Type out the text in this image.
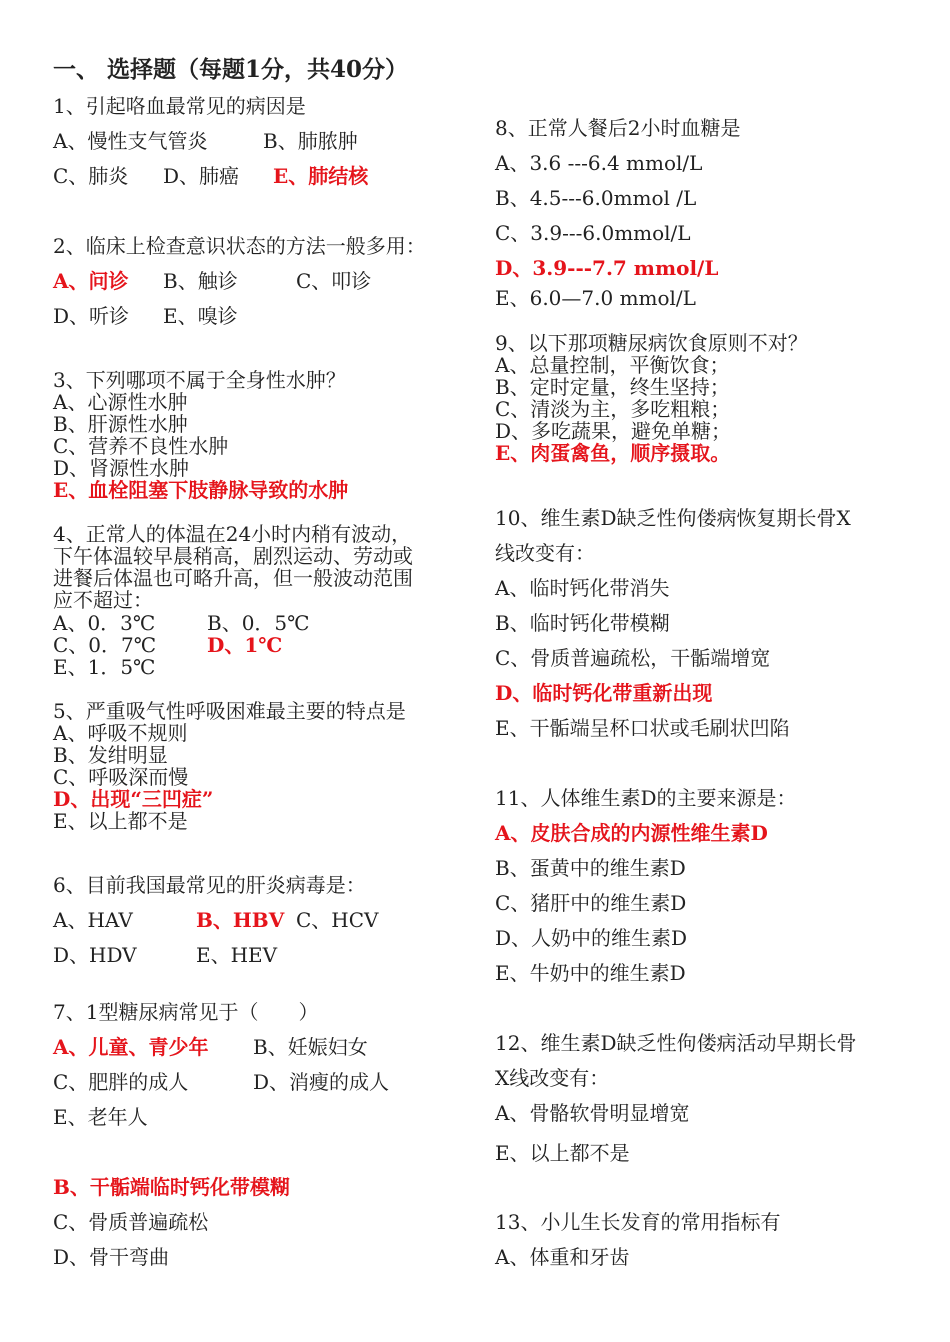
一、 选择题（每题1分，共40分）
1、引起咯血最常见的病因是
A、慢性支气管炎	B、肺脓肿
C、肺炎 D、肺癌 E、肺结核
2、临床上检查意识状态的方法一般多用：
A、问诊 B、触诊	C、叩诊
D、听诊 E、嗅诊
3、下列哪项不属于全身性水肿？
A、心源性水肿
B、肝源性水肿
C、营养不良性水肿
D、肾源性水肿
E、血栓阻塞下肢静脉导致的水肿
4、正常人的体温在24小时内稍有波动，
下午体温较早晨稍高，剧烈运动、劳动或
进餐后体温也可略升高，但一般波动范围
应不超过：
A、0．3℃	B、0．5℃
C、0．7℃	D、1℃
E、1．5℃
5、严重吸气性呼吸困难最主要的特点是
A、呼吸不规则
B、发绀明显
C、呼吸深而慢
D、出现“三凹症”
E、以上都不是
6、目前我国最常见的肝炎病毒是：
A、HAV	B、HBV C、HCV
D、HDV	E、HEV
7、1型糖尿病常见于（　　）
A、儿童、青少年 B、妊娠妇女
C、肥胖的成人	D、消瘦的成人
E、老年人
B、干骺端临时钙化带模糊
C、骨质普遍疏松
D、骨干弯曲
8、正常人餐后2小时血糖是
A、3.6 ---6.4 mmol/L
B、4.5---6.0mmol /L
C、3.9---6.0mmol/L
D、3.9---7.7 mmol/L
E、6.0—7.0 mmol/L
9、以下那项糖尿病饮食原则不对？
A、总量控制，平衡饮食；
B、定时定量，终生坚持；
C、清淡为主，多吃粗粮；
D、多吃蔬果，避免单糖；
E、肉蛋禽鱼，顺序摄取。
10、维生素D缺乏性佝偻病恢复期长骨X
线改变有：
A、临时钙化带消失
B、临时钙化带模糊
C、骨质普遍疏松，干骺端增宽
D、临时钙化带重新出现
E、干骺端呈杯口状或毛刷状凹陷
11、人体维生素D的主要来源是：
A、皮肤合成的内源性维生素D
B、蛋黄中的维生素D
C、猪肝中的维生素D
D、人奶中的维生素D
E、牛奶中的维生素D
12、维生素D缺乏性佝偻病活动早期长骨
X线改变有：
A、骨骼软骨明显增宽
E、以上都不是
13、小儿生长发育的常用指标有
A、体重和牙齿
